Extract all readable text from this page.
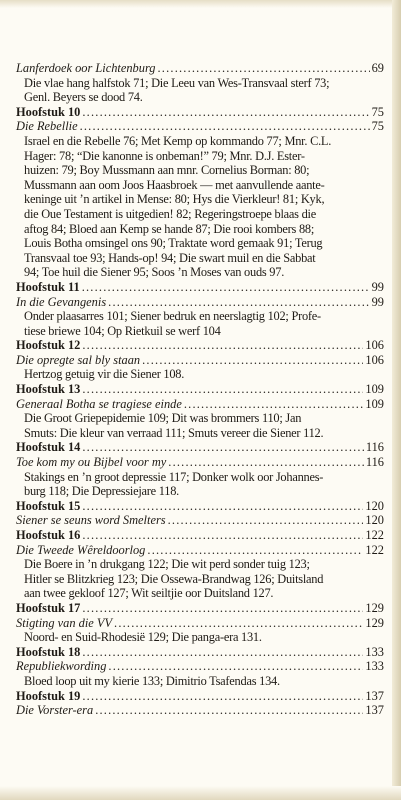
Lanferdoek oor Lichtenburg .....	69
Die vlae hang halfstok 71; Die Leeu van Wes-Transvaal sterf 73;
Genl. Beyers se dood 74.
Hoofstuk 10 .....	75
Die Rebellie .....	75
Israel en die Rebelle 76; Met Kemp op kommando 77; Mnr. C.L.
Hager: 78; “Die kanonne is onbeman!” 79; Mnr. D.J. Ester-
huizen: 79; Boy Mussmann aan mnr. Cornelius Borman: 80;
Mussmann aan oom Joos Haasbroek — met aanvullende aante-
keninge uit ’n artikel in Mense: 80; Hys die Vierkleur! 81; Kyk,
die Oue Testament is uitgedien! 82; Regeringstroepe blaas die
aftog 84; Bloed aan Kemp se hande 87; Die rooi kombers 88;
Louis Botha omsingel ons 90; Traktate word gemaak 91; Terug
Transvaal toe 93; Hands-op! 94; Die swart muil en die Sabbat
94; Toe huil die Siener 95; Soos ’n Moses van ouds 97.
Hoofstuk 11 .....	99
In die Gevangenis .....	99
Onder plaasarres 101; Siener bedruk en neerslagtig 102; Profe-
tiese briewe 104; Op Rietkuil se werf 104
Hoofstuk 12 .....	106
Die opregte sal bly staan .....	106
Hertzog getuig vir die Siener 108.
Hoofstuk 13 .....	109
Generaal Botha se tragiese einde .....	109
Die Groot Griepepidemie 109; Dit was brommers 110; Jan
Smuts: Die kleur van verraad 111; Smuts vereer die Siener 112.
Hoofstuk 14 .....	116
Toe kom my ou Bijbel voor my .....	116
Stakings en ’n groot depressie 117; Donker wolk oor Johannes-
burg 118; Die Depressiejare 118.
Hoofstuk 15 .....	120
Siener se seuns word Smelters .....	120
Hoofstuk 16 .....	122
Die Tweede Wêreldoorlog .....	122
Die Boere in ’n drukgang 122; Die wit perd sonder tuig 123;
Hitler se Blitzkrieg 123; Die Ossewa-Brandwag 126; Duitsland
aan twee gekloof 127; Wit seiltjie oor Duitsland 127.
Hoofstuk 17 .....	129
Stigting van die VV .....	129
Noord- en Suid-Rhodesië 129; Die panga-era 131.
Hoofstuk 18 .....	133
Republiekwording .....	133
Bloed loop uit my kierie 133; Dimitrio Tsafendas 134.
Hoofstuk 19 .....	137
Die Vorster-era .....	137
